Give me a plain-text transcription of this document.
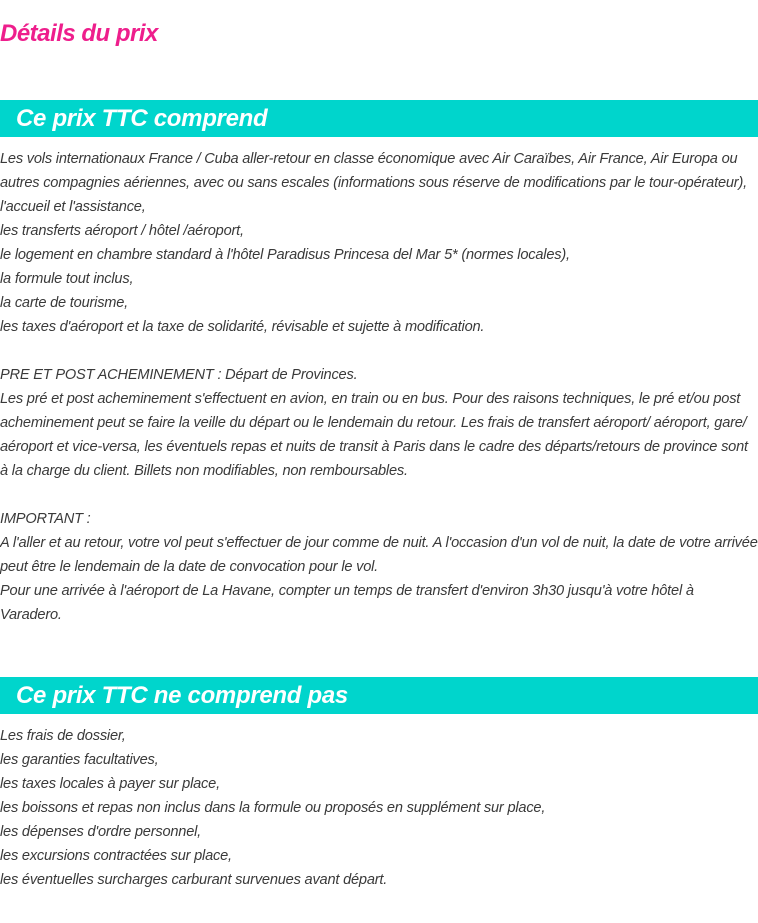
Détails du prix
Ce prix TTC comprend

Les vols internationaux France / Cuba aller-retour en classe économique avec Air Caraïbes, Air France, Air Europa ou autres compagnies aériennes, avec ou sans escales (informations sous réserve de modifications par le tour-opérateur),

l'accueil et l'assistance,

les transferts aéroport / hôtel /aéroport,

le logement en chambre standard à l'hôtel Paradisus Princesa del Mar 5* (normes locales),

la formule tout inclus,

la carte de tourisme,

les taxes d'aéroport et la taxe de solidarité, révisable et sujette à modification.

PRE ET POST ACHEMINEMENT : Départ de Provinces.

Les pré et post acheminement s'effectuent en avion, en train ou en bus. Pour des raisons techniques, le pré et/ou post acheminement peut se faire la veille du départ ou le lendemain du retour. Les frais de transfert aéroport/ aéroport, gare/ aéroport et vice-versa, les éventuels repas et nuits de transit à Paris dans le cadre des départs/retours de province sont à la charge du client. Billets non modifiables, non remboursables.

IMPORTANT :

A l'aller et au retour, votre vol peut s'effectuer de jour comme de nuit. A l'occasion d'un vol de nuit, la date de votre arrivée peut être le lendemain de la date de convocation pour le vol.

Pour une arrivée à l'aéroport de La Havane, compter un temps de transfert d'environ 3h30 jusqu'à votre hôtel à Varadero.

Ce prix TTC ne comprend pas

Les frais de dossier,

les garanties facultatives,

les taxes locales à payer sur place,

les boissons et repas non inclus dans la formule ou proposés en supplément sur place,

les dépenses d'ordre personnel,

les excursions contractées sur place,

les éventuelles surcharges carburant survenues avant départ.
